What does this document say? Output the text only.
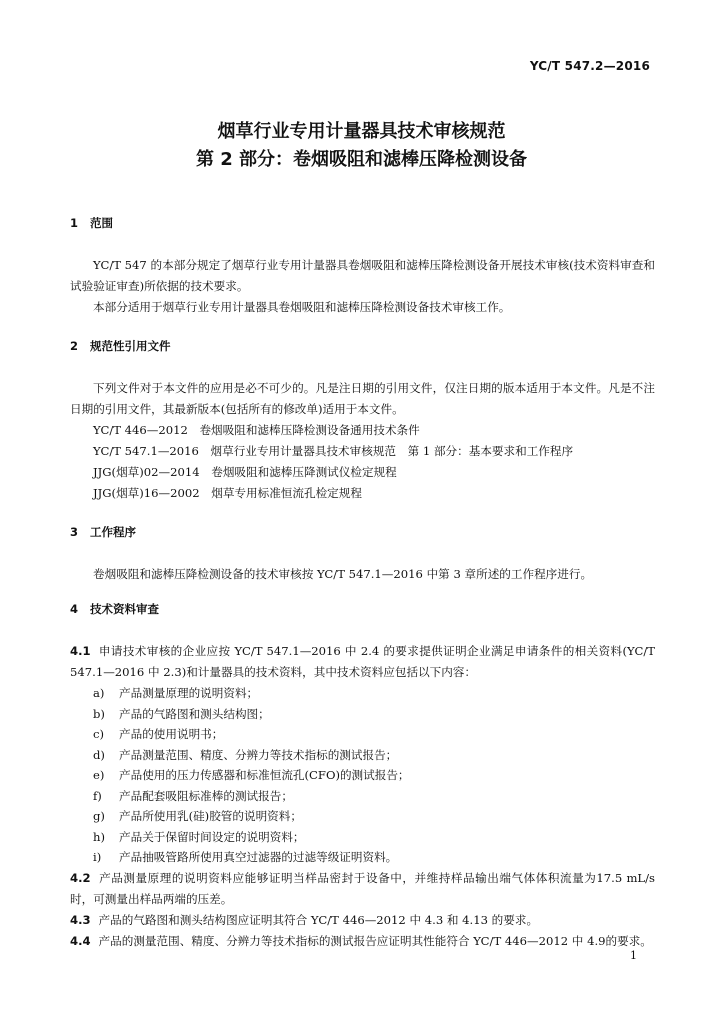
YC/T 547.2—2016
烟草行业专用计量器具技术审核规范
第 2 部分：卷烟吸阻和滤棒压降检测设备
1 范围
YC/T 547 的本部分规定了烟草行业专用计量器具卷烟吸阻和滤棒压降检测设备开展技术审核(技术资料审查和试验验证审查)所依据的技术要求。
本部分适用于烟草行业专用计量器具卷烟吸阻和滤棒压降检测设备技术审核工作。
2 规范性引用文件
下列文件对于本文件的应用是必不可少的。凡是注日期的引用文件，仅注日期的版本适用于本文件。凡是不注日期的引用文件，其最新版本(包括所有的修改单)适用于本文件。
YC/T 446—2012　卷烟吸阻和滤棒压降检测设备通用技术条件
YC/T 547.1—2016　烟草行业专用计量器具技术审核规范　第 1 部分：基本要求和工作程序
JJG(烟草)02—2014　卷烟吸阻和滤棒压降测试仪检定规程
JJG(烟草)16—2002　烟草专用标准恒流孔检定规程
3 工作程序
卷烟吸阻和滤棒压降检测设备的技术审核按 YC/T 547.1—2016 中第 3 章所述的工作程序进行。
4 技术资料审查
4.1 申请技术审核的企业应按 YC/T 547.1—2016 中 2.4 的要求提供证明企业满足申请条件的相关资料(YC/T 547.1—2016 中 2.3)和计量器具的技术资料，其中技术资料应包括以下内容：
a) 产品测量原理的说明资料；
b) 产品的气路图和测头结构图；
c) 产品的使用说明书；
d) 产品测量范围、精度、分辨力等技术指标的测试报告；
e) 产品使用的压力传感器和标准恒流孔(CFO)的测试报告；
f) 产品配套吸阻标准棒的测试报告；
g) 产品所使用乳(硅)胶管的说明资料；
h) 产品关于保留时间设定的说明资料；
i) 产品抽吸管路所使用真空过滤器的过滤等级证明资料。
4.2 产品测量原理的说明资料应能够证明当样品密封于设备中，并维持样品输出端气体体积流量为17.5 mL/s 时，可测量出样品两端的压差。
4.3 产品的气路图和测头结构图应证明其符合 YC/T 446—2012 中 4.3 和 4.13 的要求。
4.4 产品的测量范围、精度、分辨力等技术指标的测试报告应证明其性能符合 YC/T 446—2012 中 4.9的要求。
1
